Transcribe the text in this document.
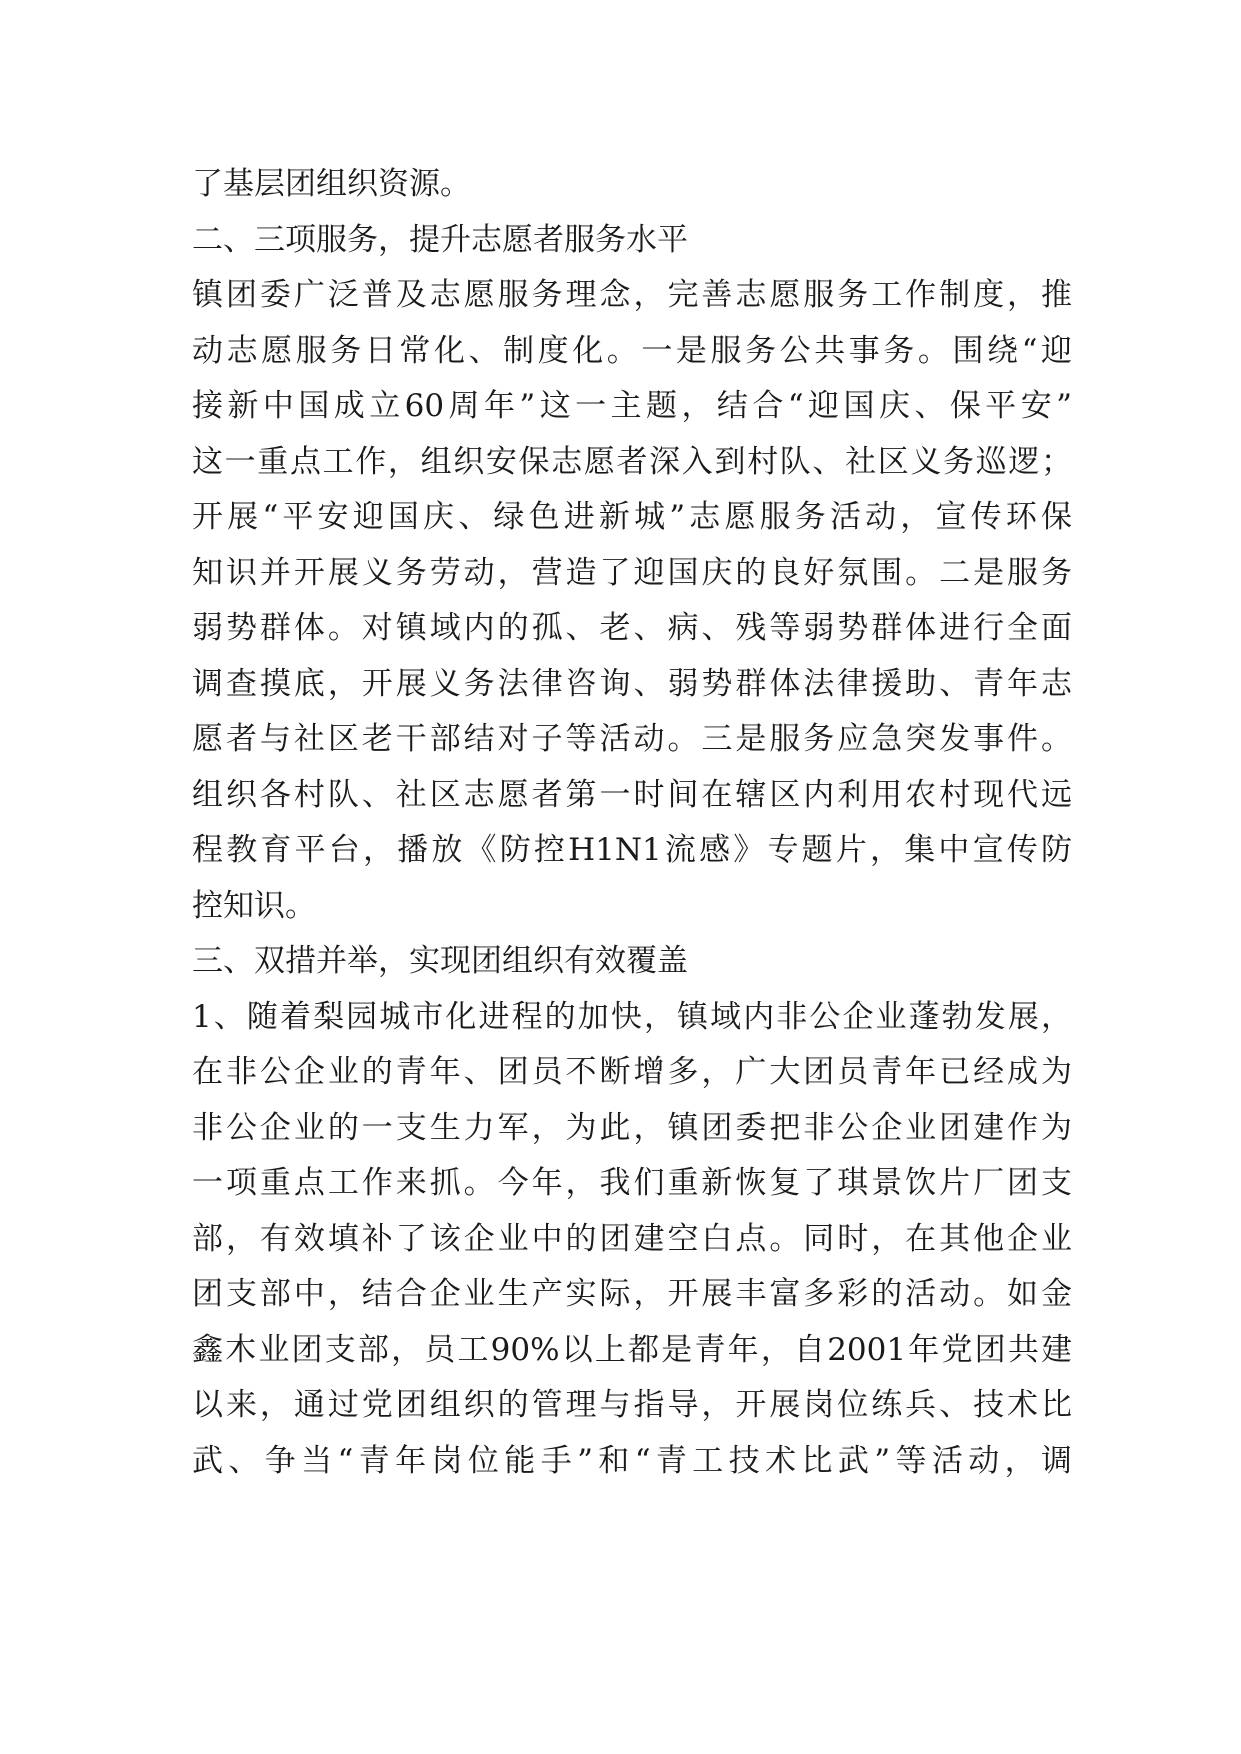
了基层团组织资源。
二、三项服务，提升志愿者服务水平
镇团委广泛普及志愿服务理念，完善志愿服务工作制度，推
动志愿服务日常化、制度化。一是服务公共事务。围绕“迎
接新中国成立60周年”这一主题，结合“迎国庆、保平安”
这一重点工作，组织安保志愿者深入到村队、社区义务巡逻；
开展“平安迎国庆、绿色进新城”志愿服务活动，宣传环保
知识并开展义务劳动，营造了迎国庆的良好氛围。二是服务
弱势群体。对镇域内的孤、老、病、残等弱势群体进行全面
调查摸底，开展义务法律咨询、弱势群体法律援助、青年志
愿者与社区老干部结对子等活动。三是服务应急突发事件。
组织各村队、社区志愿者第一时间在辖区内利用农村现代远
程教育平台，播放《防控H1N1流感》专题片，集中宣传防
控知识。
三、双措并举，实现团组织有效覆盖
1、随着梨园城市化进程的加快，镇域内非公企业蓬勃发展，
在非公企业的青年、团员不断增多，广大团员青年已经成为
非公企业的一支生力军，为此，镇团委把非公企业团建作为
一项重点工作来抓。今年，我们重新恢复了琪景饮片厂团支
部，有效填补了该企业中的团建空白点。同时，在其他企业
团支部中，结合企业生产实际，开展丰富多彩的活动。如金
鑫木业团支部，员工90%以上都是青年，自2001年党团共建
以来，通过党团组织的管理与指导，开展岗位练兵、技术比
武、争当“青年岗位能手”和“青工技术比武”等活动，调
